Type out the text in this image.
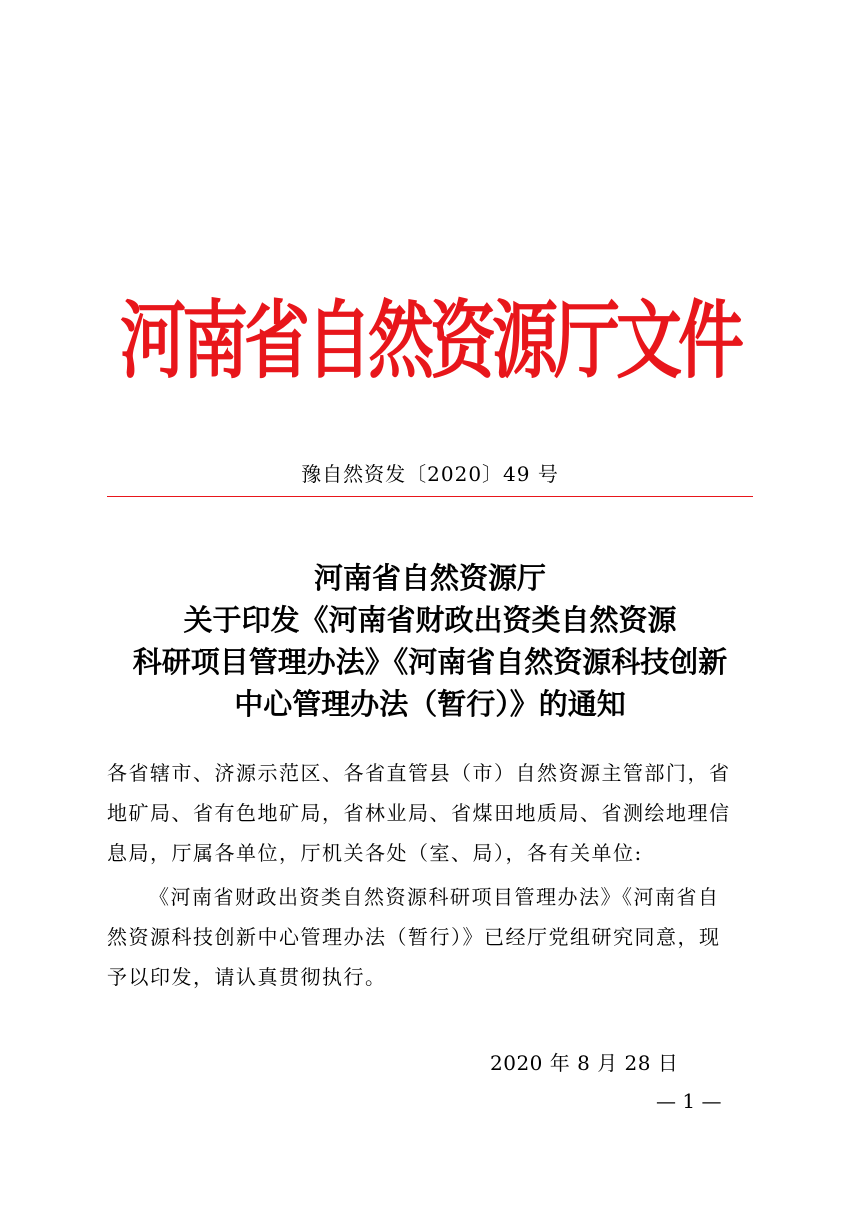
河南省自然资源厅文件
豫自然资发〔2020〕49 号
河南省自然资源厅
关于印发《河南省财政出资类自然资源
科研项目管理办法》《河南省自然资源科技创新
中心管理办法（暂行）》的通知
各省辖市、济源示范区、各省直管县（市）自然资源主管部门，省
地矿局、省有色地矿局，省林业局、省煤田地质局、省测绘地理信
息局，厅属各单位，厅机关各处（室、局），各有关单位:
《河南省财政出资类自然资源科研项目管理办法》《河南省自
然资源科技创新中心管理办法（暂行）》已经厅党组研究同意，现
予以印发，请认真贯彻执行。
2020 年 8 月 28 日
— 1 —
